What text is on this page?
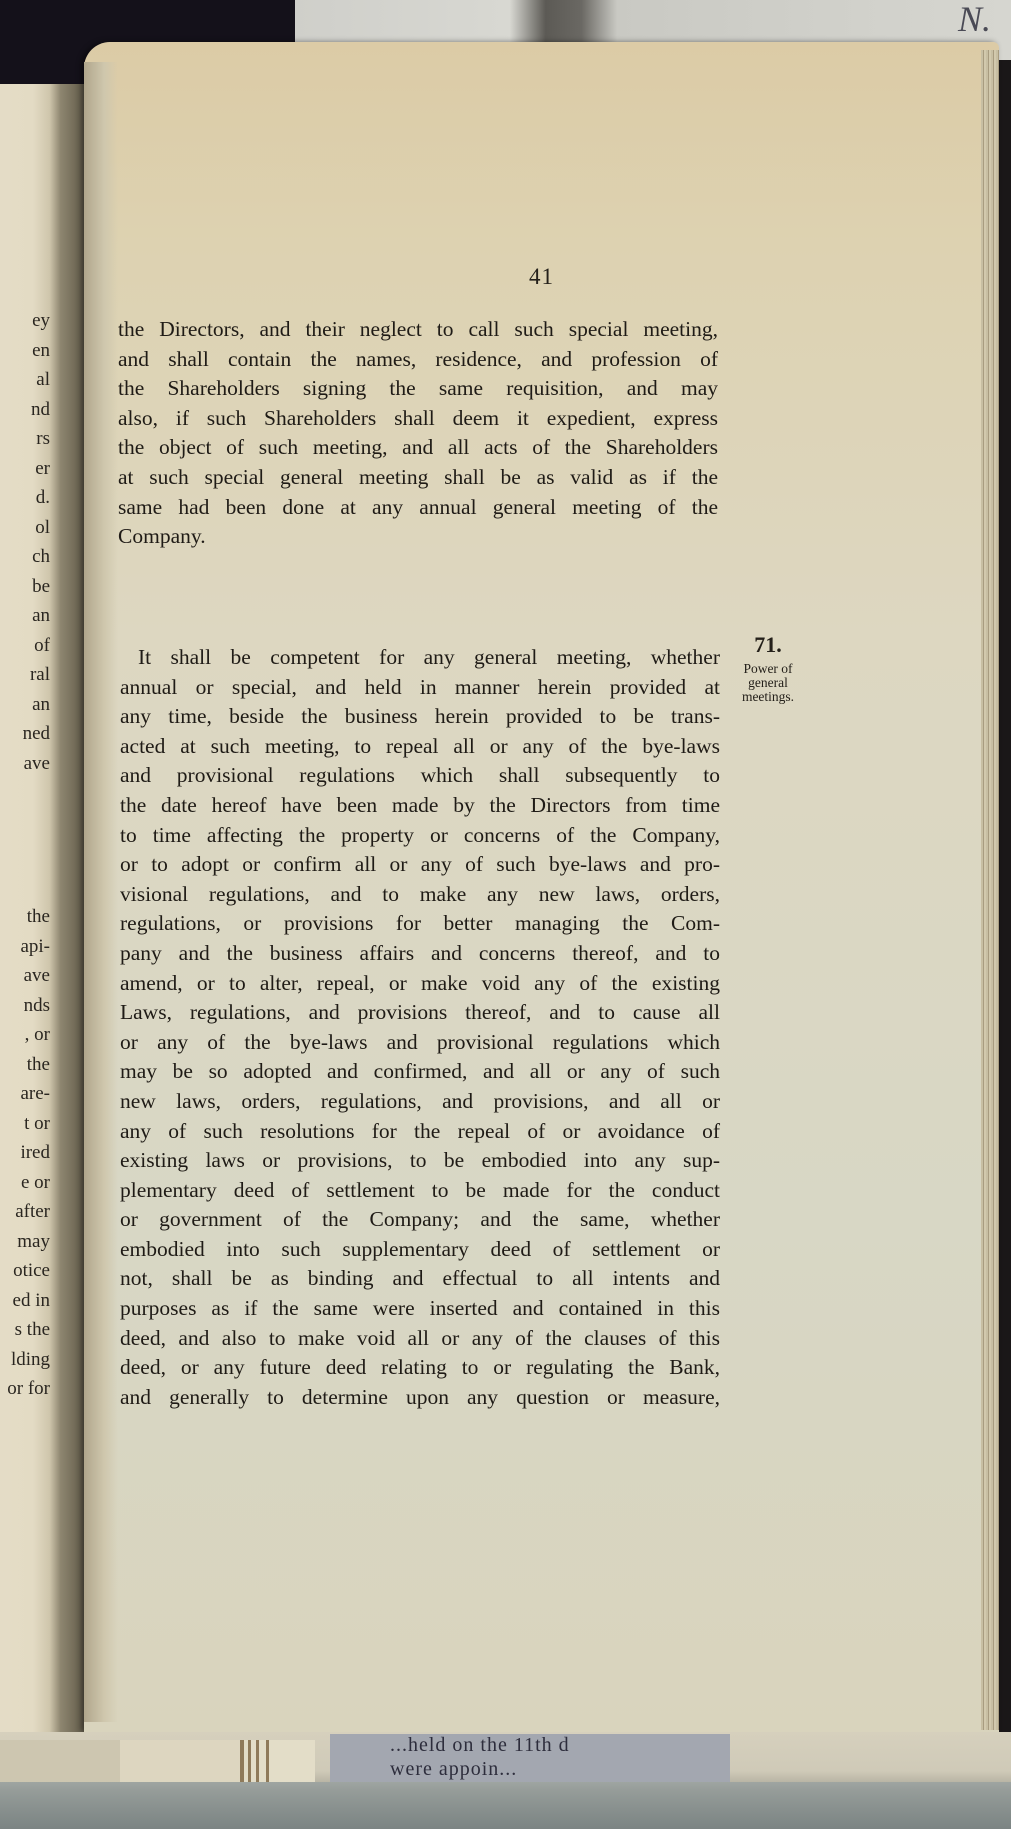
N.
ey
en
al
nd
rs
er
d.
ol
ch
be
an
of
ral
an
ned
ave
the
api-
ave
nds
, or
the
are-
t or
ired
e or
after
may
otice
ed in
s the
lding
or for
41
the Directors, and their neglect to call such special meeting,
and shall contain the names, residence, and profession of
the Shareholders signing the same requisition, and may
also, if such Shareholders shall deem it expedient, express
the object of such meeting, and all acts of the Shareholders
at such special general meeting shall be as valid as if the
same had been done at any annual general meeting of the
Company.
71.
Power of
general
meetings.
It shall be competent for any general meeting, whether
annual or special, and held in manner herein provided at
any time, beside the business herein provided to be trans-
acted at such meeting, to repeal all or any of the bye-laws
and provisional regulations which shall subsequently to
the date hereof have been made by the Directors from time
to time affecting the property or concerns of the Company,
or to adopt or confirm all or any of such bye-laws and pro-
visional regulations, and to make any new laws, orders,
regulations, or provisions for better managing the Com-
pany and the business affairs and concerns thereof, and to
amend, or to alter, repeal, or make void any of the existing
Laws, regulations, and provisions thereof, and to cause all
or any of the bye-laws and provisional regulations which
may be so adopted and confirmed, and all or any of such
new laws, orders, regulations, and provisions, and all or
any of such resolutions for the repeal of or avoidance of
existing laws or provisions, to be embodied into any sup-
plementary deed of settlement to be made for the conduct
or government of the Company; and the same, whether
embodied into such supplementary deed of settlement or
not, shall be as binding and effectual to all intents and
purposes as if the same were inserted and contained in this
deed, and also to make void all or any of the clauses of this
deed, or any future deed relating to or regulating the Bank,
and generally to determine upon any question or measure,
...held on the 11th d
were appoin...
